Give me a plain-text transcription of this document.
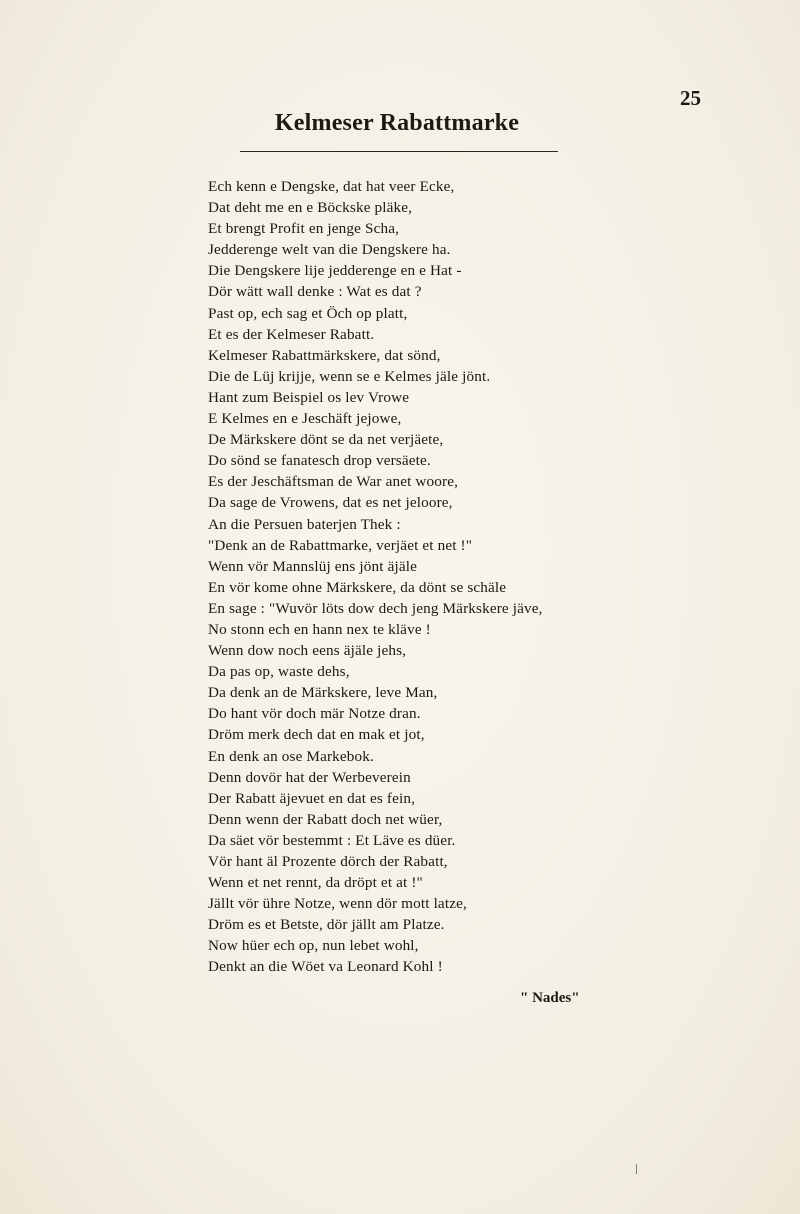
25
Kelmeser Rabattmarke
Ech kenn e Dengske, dat hat veer Ecke,
Dat deht me en e Böckske pläke,
Et brengt Profit en jenge Scha,
Jedderenge welt van die Dengskere ha.
Die Dengskere lije jedderenge en e Hat -
Dör wätt wall denke : Wat es dat ?
Past op, ech sag et Öch op platt,
Et es der Kelmeser Rabatt.
Kelmeser Rabattmärkskere, dat sönd,
Die de Lüj krijje, wenn se e Kelmes jäle jönt.
Hant zum Beispiel os lev Vrowe
E Kelmes en e Jeschäft jejowe,
De Märkskere dönt se da net verjäete,
Do sönd se fanatesch drop versäete.
Es der Jeschäftsman de War anet woore,
Da sage de Vrowens, dat es net jeloore,
An die Persuen baterjen Thek :
"Denk an de Rabattmarke, verjäet et net !"
Wenn vör Mannslüj ens jönt äjäle
En vör kome ohne Märkskere, da dönt se schäle
En sage : "Wuvör löts dow dech jeng Märkskere jäve,
No stonn ech en hann nex te kläve !
Wenn dow noch eens äjäle jehs,
Da pas op, waste dehs,
Da denk an de Märkskere, leve Man,
Do hant vör doch mär Notze dran.
Dröm merk dech dat en mak et jot,
En denk an ose Markebok.
Denn dovör hat der Werbeverein
Der Rabatt äjevuet en dat es fein,
Denn wenn der Rabatt doch net wüer,
Da säet vör bestemmt : Et Läve es düer.
Vör hant äl Prozente dörch der Rabatt,
Wenn et net rennt, da dröpt et at !"
Jällt vör ühre Notze, wenn dör mott latze,
Dröm es et Betste, dör jällt am Platze.
Now hüer ech op, nun lebet wohl,
Denkt an die Wöet va Leonard Kohl !
" Nades"
